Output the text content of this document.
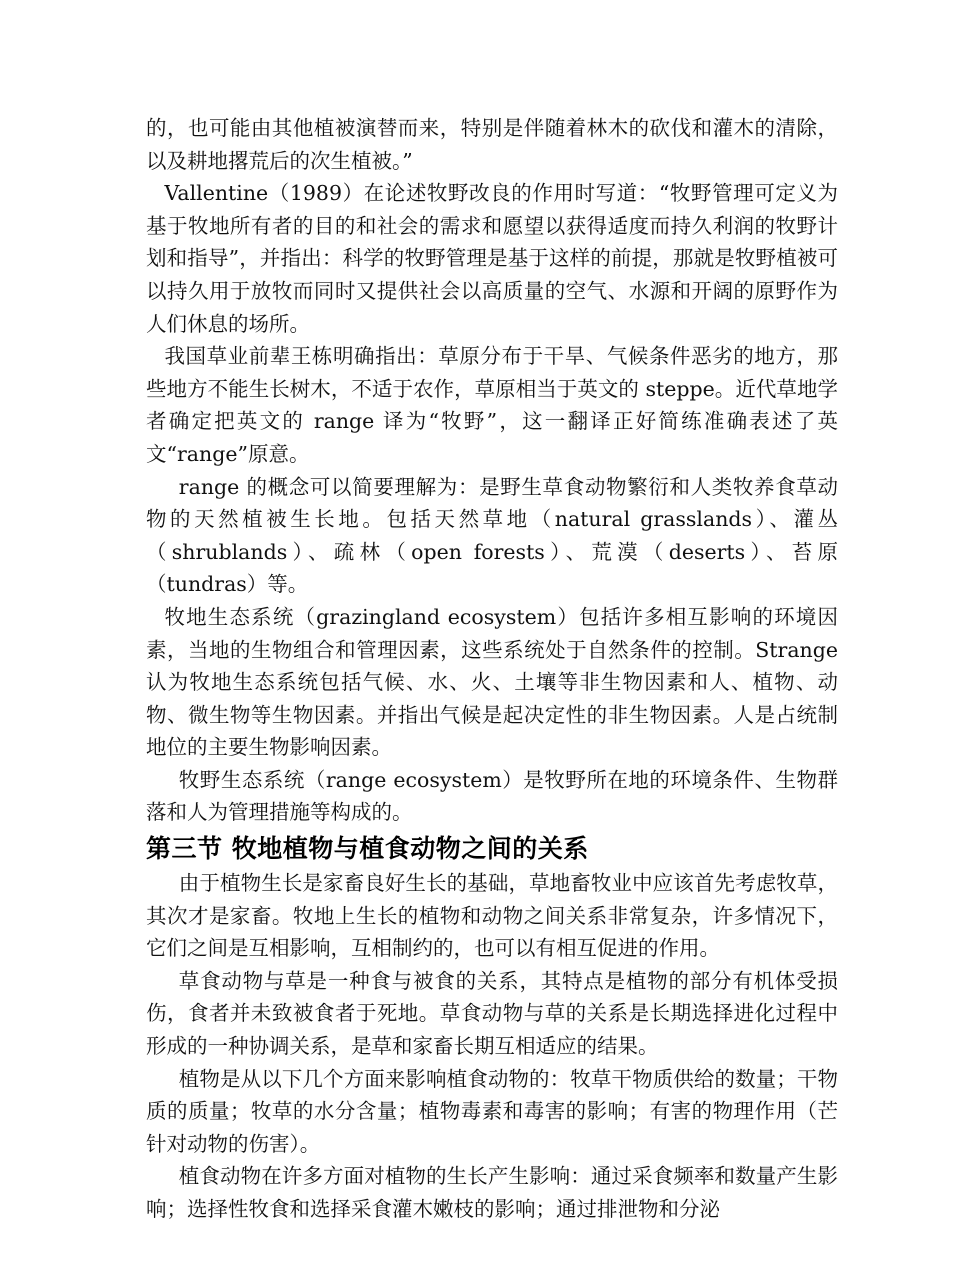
的，也可能由其他植被演替而来，特别是伴随着林木的砍伐和灌木的清除，以及耕地撂荒后的次生植被。”

Vallentine（1989）在论述牧野改良的作用时写道：“牧野管理可定义为基于牧地所有者的目的和社会的需求和愿望以获得适度而持久利润的牧野计划和指导”，并指出：科学的牧野管理是基于这样的前提，那就是牧野植被可以持久用于放牧而同时又提供社会以高质量的空气、水源和开阔的原野作为人们休息的场所。

我国草业前辈王栋明确指出：草原分布于干旱、气候条件恶劣的地方，那些地方不能生长树木，不适于农作，草原相当于英文的 steppe。近代草地学者确定把英文的 range 译为“牧野”，这一翻译正好简练准确表述了英文“range”原意。

range 的概念可以简要理解为：是野生草食动物繁衍和人类牧养食草动物的天然植被生长地。包括天然草地（natural grasslands）、灌丛（shrublands）、疏林（open forests）、荒漠（deserts）、苔原（tundras）等。

牧地生态系统（grazingland ecosystem）包括许多相互影响的环境因素，当地的生物组合和管理因素，这些系统处于自然条件的控制。Strange 认为牧地生态系统包括气候、水、火、土壤等非生物因素和人、植物、动物、微生物等生物因素。并指出气候是起决定性的非生物因素。人是占统制地位的主要生物影响因素。

牧野生态系统（range ecosystem）是牧野所在地的环境条件、生物群落和人为管理措施等构成的。

第三节 牧地植物与植食动物之间的关系

由于植物生长是家畜良好生长的基础，草地畜牧业中应该首先考虑牧草，其次才是家畜。牧地上生长的植物和动物之间关系非常复杂，许多情况下，它们之间是互相影响，互相制约的，也可以有相互促进的作用。

草食动物与草是一种食与被食的关系，其特点是植物的部分有机体受损伤，食者并未致被食者于死地。草食动物与草的关系是长期选择进化过程中形成的一种协调关系，是草和家畜长期互相适应的结果。

植物是从以下几个方面来影响植食动物的：牧草干物质供给的数量；干物质的质量；牧草的水分含量；植物毒素和毒害的影响；有害的物理作用（芒针对动物的伤害）。

植食动物在许多方面对植物的生长产生影响：通过采食频率和数量产生影响；选择性牧食和选择采食灌木嫩枝的影响；通过排泄物和分泌
